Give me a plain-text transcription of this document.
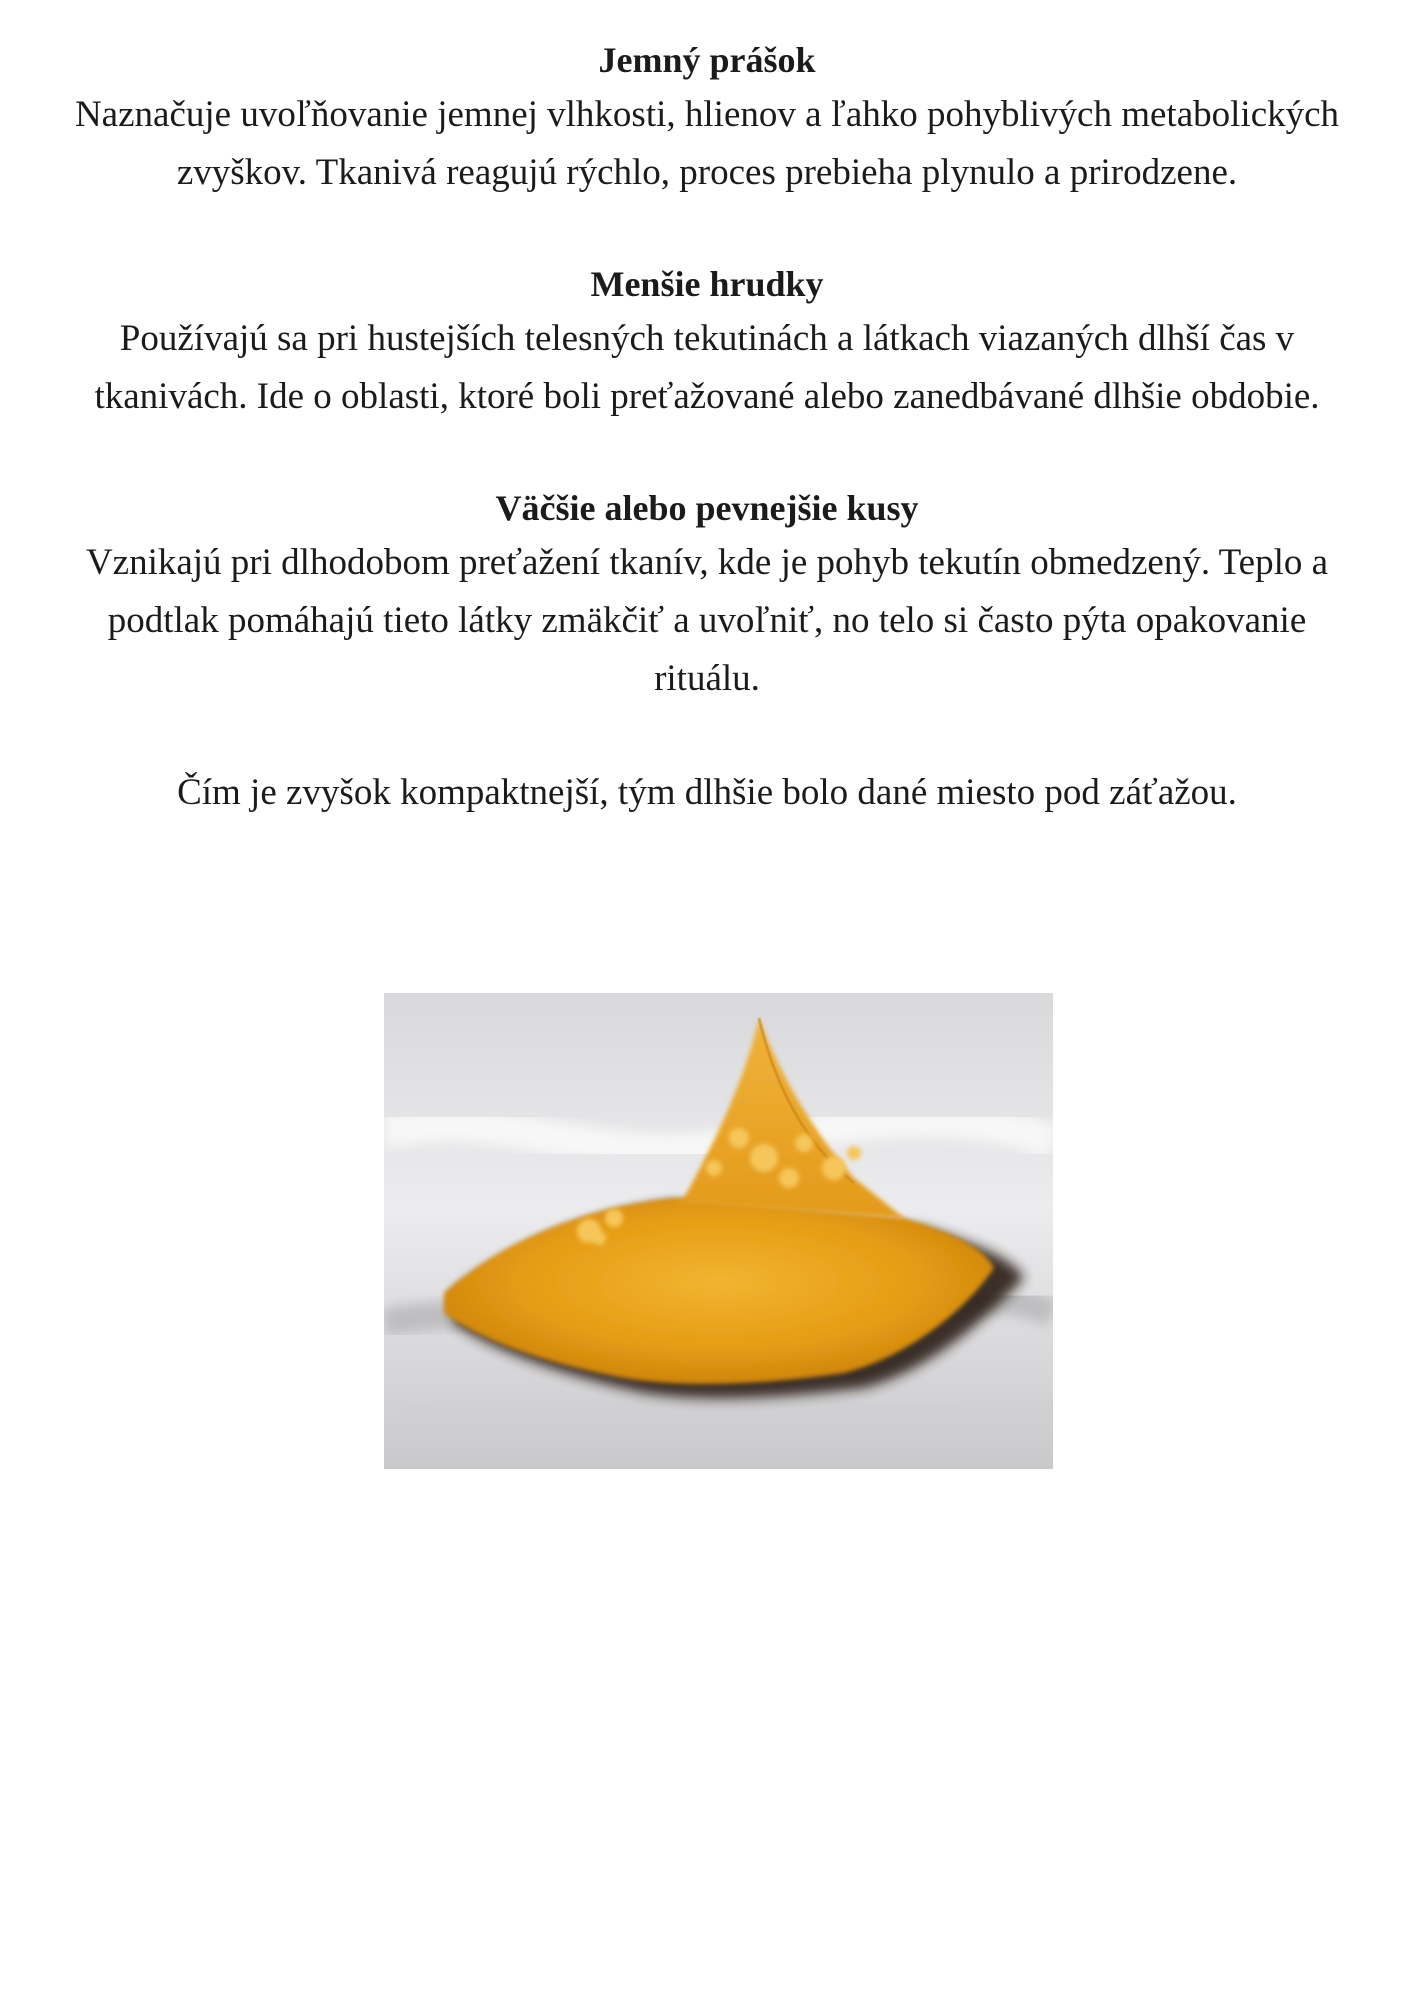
Jemný prášok

Naznačuje uvoľňovanie jemnej vlhkosti, hlienov a ľahko pohyblivých metabolických zvyškov. Tkanivá reagujú rýchlo, proces prebieha plynulo a prirodzene.

Menšie hrudky

Používajú sa pri hustejších telesných tekutinách a látkach viazaných dlhší čas v tkanivách. Ide o oblasti, ktoré boli preťažované alebo zanedbávané dlhšie obdobie.

Väčšie alebo pevnejšie kusy

Vznikajú pri dlhodobom preťažení tkanív, kde je pohyb tekutín obmedzený. Teplo a podtlak pomáhajú tieto látky zmäkčiť a uvoľniť, no telo si často pýta opakovanie rituálu.

Čím je zvyšok kompaktnejší, tým dlhšie bolo dané miesto pod záťažou.
